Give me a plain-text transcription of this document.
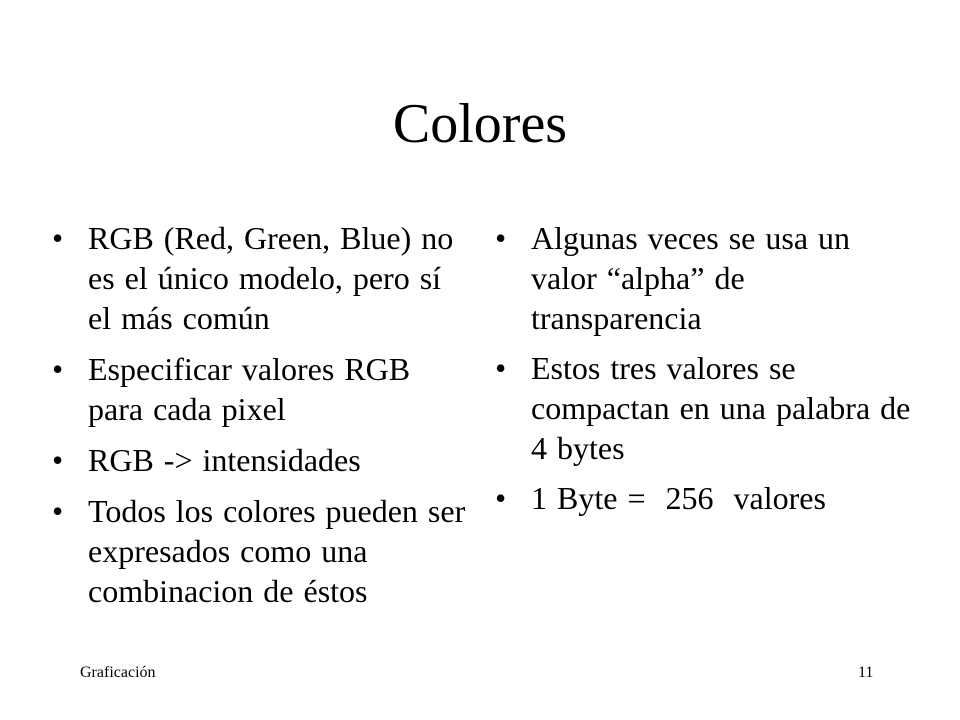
Colores
• RGB (Red, Green, Blue) no es el único modelo, pero sí el más común
• Especificar valores RGB para cada pixel
• RGB -> intensidades
• Todos los colores pueden ser expresados como una combinacion de éstos
• Algunas veces se usa un valor “alpha” de transparencia
• Estos tres valores se compactan en una palabra de 4 bytes
• 1 Byte =  256  valores
Graficación	11
